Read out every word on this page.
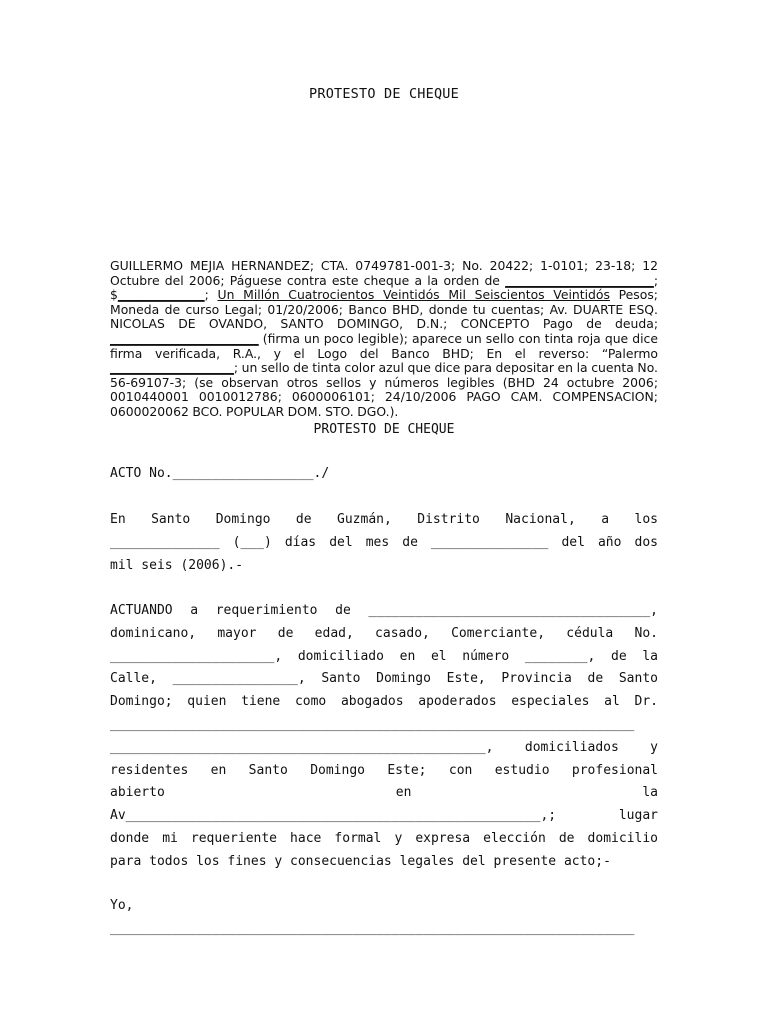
PROTESTO DE CHEQUE
GUILLERMO MEJIA HERNANDEZ; CTA. 0749781-001-3; No. 20422; 1-0101; 23-18; 12 Octubre del 2006; Páguese contra este cheque a la orden de ________________________; $______________; Un Millón Cuatrocientos Veintidós Mil Seiscientos Veintidós Pesos; Moneda de curso Legal; 01/20/2006; Banco BHD, donde tu cuentas; Av. DUARTE ESQ. NICOLAS DE OVANDO, SANTO DOMINGO, D.N.; CONCEPTO Pago de deuda; ________________________ (firma un poco legible); aparece un sello con tinta roja que dice firma verificada, R.A., y el Logo del Banco BHD; En el reverso: “Palermo ____________________; un sello de tinta color azul que dice para depositar en la cuenta No. 56-69107-3; (se observan otros sellos y números legibles (BHD 24 octubre 2006; 0010440001 0010012786; 0600006101; 24/10/2006 PAGO CAM. COMPENSACION; 0600020062 BCO. POPULAR DOM. STO. DGO.).
PROTESTO DE CHEQUE
ACTO No.__________________./
En Santo Domingo de Guzmán, Distrito Nacional, a los
______________ (___) días del mes de _______________ del año dos
mil seis (2006).-
ACTUANDO a requerimiento de ____________________________________,
dominicano, mayor de edad, casado, Comerciante, cédula No.
_____________________, domiciliado en el número ________, de la
Calle, ________________, Santo Domingo Este, Provincia de Santo
Domingo; quien tiene como abogados apoderados especiales al Dr.
___________________________________________________________________
________________________________________________, domiciliados y
residentes en Santo Domingo Este; con estudio profesional
abierto en la
Av_____________________________________________________,; lugar
donde mi requeriente hace formal y expresa elección de domicilio
para todos los fines y consecuencias legales del presente acto;-
Yo,
___________________________________________________________________
